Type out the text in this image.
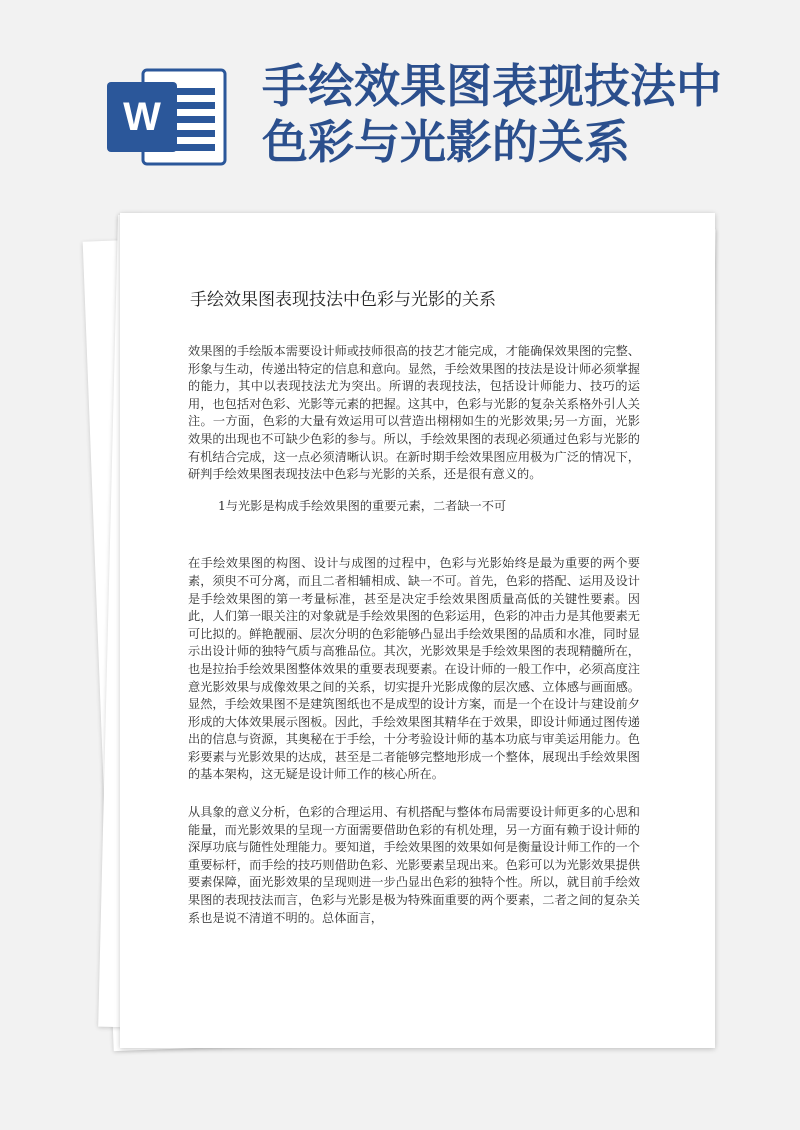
W
手绘效果图表现技法中
色彩与光影的关系
手绘效果图表现技法中色彩与光影的关系

效果图的手绘版本需要设计师或技师很高的技艺才能完成，才能确保效果图的完整、形象与生动，传递出特定的信息和意向。显然，手绘效果图的技法是设计师必须掌握的能力，其中以表现技法尤为突出。所谓的表现技法，包括设计师能力、技巧的运用，也包括对色彩、光影等元素的把握。这其中，色彩与光影的复杂关系格外引人关注。一方面，色彩的大量有效运用可以营造出栩栩如生的光影效果;另一方面，光影效果的出现也不可缺少色彩的参与。所以，手绘效果图的表现必须通过色彩与光影的有机结合完成，这一点必须清晰认识。在新时期手绘效果图应用极为广泛的情况下，研判手绘效果图表现技法中色彩与光影的关系，还是很有意义的。

1与光影是构成手绘效果图的重要元素，二者缺一不可

在手绘效果图的构图、设计与成图的过程中，色彩与光影始终是最为重要的两个要素，须臾不可分离，而且二者相辅相成、缺一不可。首先，色彩的搭配、运用及设计是手绘效果图的第一考量标准，甚至是决定手绘效果图质量高低的关键性要素。因此，人们第一眼关注的对象就是手绘效果图的色彩运用，色彩的冲击力是其他要素无可比拟的。鲜艳靓丽、层次分明的色彩能够凸显出手绘效果图的品质和水准，同时显示出设计师的独特气质与高雅品位。其次，光影效果是手绘效果图的表现精髓所在，也是拉抬手绘效果图整体效果的重要表现要素。在设计师的一般工作中，必须高度注意光影效果与成像效果之间的关系，切实提升光影成像的层次感、立体感与画面感。显然，手绘效果图不是建筑图纸也不是成型的设计方案，而是一个在设计与建设前夕形成的大体效果展示图板。因此，手绘效果图其精华在于效果，即设计师通过图传递出的信息与资源，其奥秘在于手绘，十分考验设计师的基本功底与审美运用能力。色彩要素与光影效果的达成，甚至是二者能够完整地形成一个整体，展现出手绘效果图的基本架构，这无疑是设计师工作的核心所在。

从具象的意义分析，色彩的合理运用、有机搭配与整体布局需要设计师更多的心思和能量，而光影效果的呈现一方面需要借助色彩的有机处理，另一方面有赖于设计师的深厚功底与随性处理能力。要知道，手绘效果图的效果如何是衡量设计师工作的一个重要标杆，而手绘的技巧则借助色彩、光影要素呈现出来。色彩可以为光影效果提供要素保障，面光影效果的呈现则进一步凸显出色彩的独特个性。所以，就目前手绘效果图的表现技法而言，色彩与光影是极为特殊面重要的两个要素，二者之间的复杂关系也是说不清道不明的。总体面言，
